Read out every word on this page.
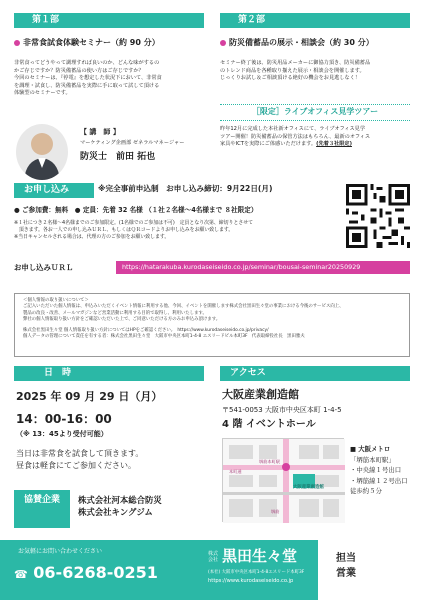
第１部
非常食試食体験セミナー（約 90 分）
非常食ってどうやって調理すれば良いのか、どんな味がするの
かご存じですか？防災備蓄品の使い方はご存じですか？
今回のセミナーは、『停電』を想定した状況下において、非常食
を調理・試食し、防災備蓄品を実際に手に取って試して頂ける
体験型のセミナーです。
【 講　師 】
マーケティング企画部 ゼネラルマネージャー
防災士　前田 拓也
第２部
防災備蓄品の展示・相談会（約 30 分）
セミナー終了後は、防災用品メーカーに御協力頂き、防災備蓄品
のトレンド商品を各種取り揃えた展示・相談会を開催します。
じっくりお試し＆ご相談頂ける絶好の機会をお見逃しなく！
［限定］ライブオフィス見学ツアー
昨年12月に完成した本社新オフィスにて、ライブオフィス見学
ツアー開催！防災備蓄品の保管方法はもちろん、最新のオフィス
家具やICTを実際にご体感いただけます。(先着３社限定)
お申し込み	※完全事前申込制　お申し込み締切：9月22日(月)
● ご参加費：無料　● 定員：先着 32 名様 （１社２名様～4名様まで ８社限定）
※１社につき２名様～4名様までのご参加限定。(1名様でのご参加は不可)　定員となり次第、締切りとさせて
　頂きます。各お一人での申し込みＵＲＬ、もしくはＱＲコードよりお申し込みをお願い致します。
※当日キャンセルされる場合は、代理の方のご参加をお願い致します。
お申し込みＵＲＬ	https://hatarakuba.kurodaseiseido.co.jp/seminar/bousai-seminar20250929
＜個人情報の取り扱いについて＞
ご記入いただいた個人情報は、申込みいただくイベント情報に利用する他、今回、イベントを開催します株式会社黒田生々堂の事業における今後のサービス向上、
製品の改良・改善、メールマガジンなど営業活動に利用する目的で取得し、利用いたします。
弊社の個人情報取り扱い方針をご確認いただいた上で、ご同意いただける方のみお申込み頂けます。
株式会社黒田生々堂 個人情報取り扱い方針についてはHPをご確認ください。　https://www.kurodaseiseido.co.jp/privacy/
個人データの管理について責任を有する者：株式会社黒田生々堂　大阪市中央区本町1-4-8 エスリードビル本町3F　代表取締役社長　黒田雅夫
日　時
2025 年 09 月 29 日（月）
14：00-16：00
（※ 13：45より受付可能）
当日は非常食を試食して頂きます。
昼食は軽食にてご参加ください。
協賛企業	株式会社河本総合防災
株式会社キングジム
アクセス
大阪産業創造館
〒541-0053 大阪市中央区本町 1-4-5
4 階 イベントホール
大阪産業創造館
本町通
堺筋
堺筋本町駅
■ 大阪メトロ
「堺筋本町駅」
・中央線１号出口
・堺筋線１２号出口
徒歩約５分
お気軽にお問い合わせください
☎ 06-6268-0251
株式
会社 黒田生々堂
(本社) 大阪市中央区本町1-4-8エスリード本町3F
https://www.kurodaseiseido.co.jp
担当
営業
